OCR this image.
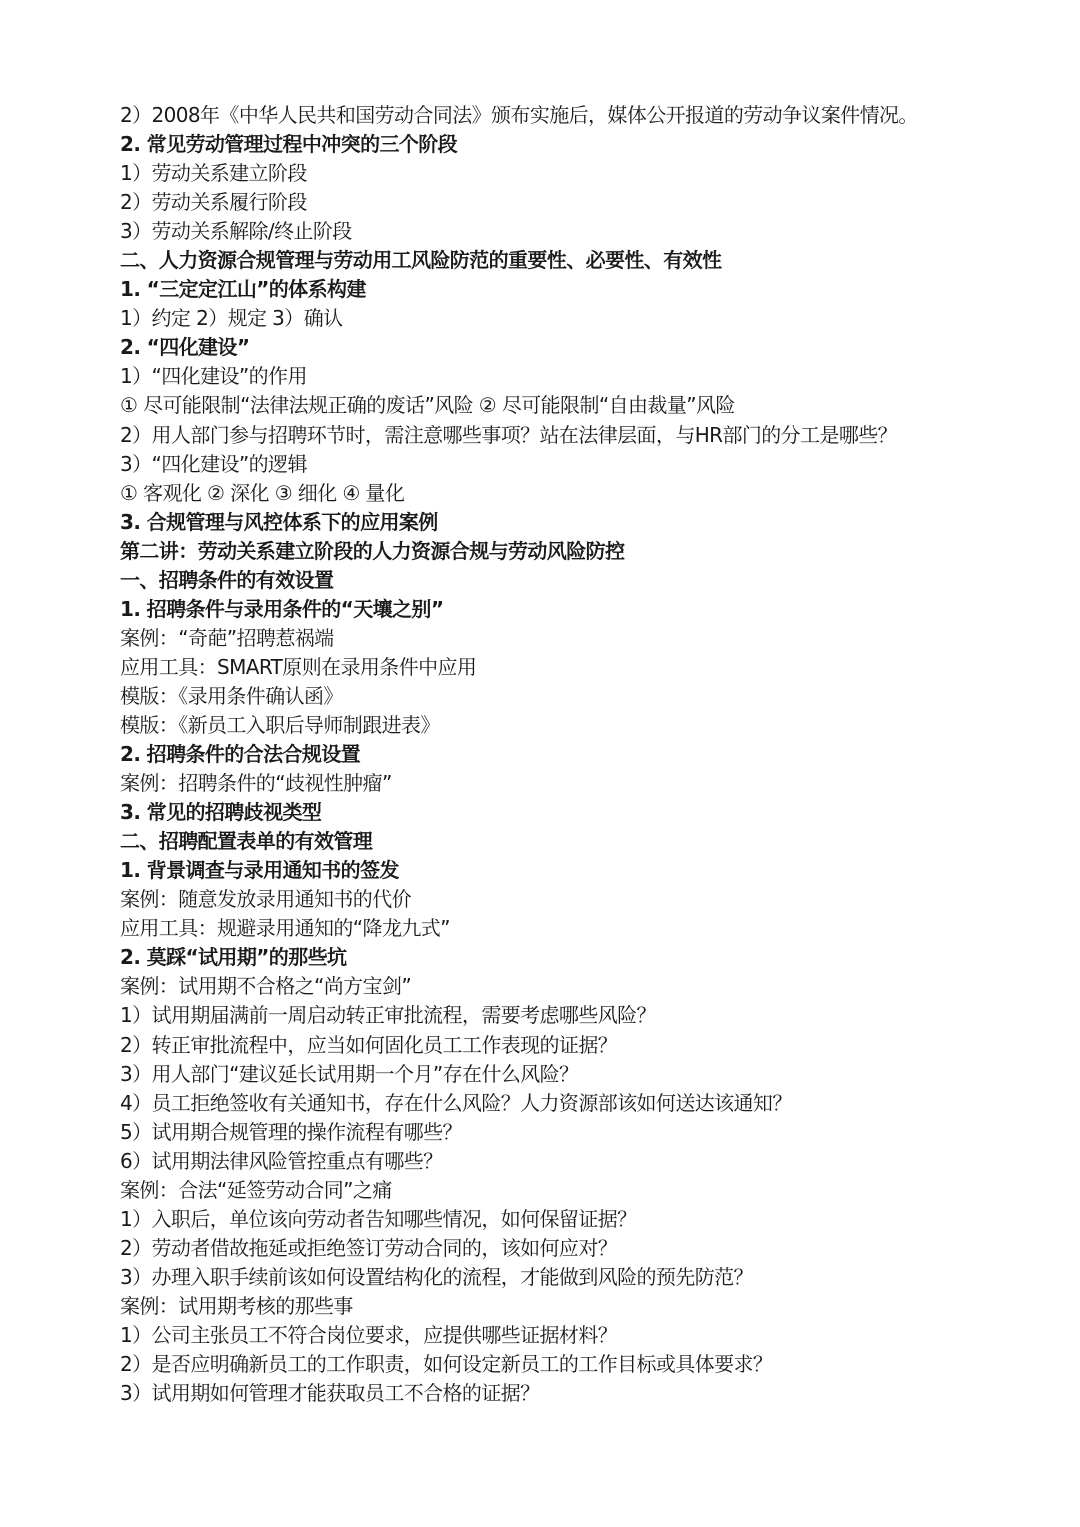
2）2008年《中华人民共和国劳动合同法》颁布实施后，媒体公开报道的劳动争议案件情况。
2. 常见劳动管理过程中冲突的三个阶段
1）劳动关系建立阶段
2）劳动关系履行阶段
3）劳动关系解除/终止阶段
二、人力资源合规管理与劳动用工风险防范的重要性、必要性、有效性
1. “三定定江山”的体系构建
1）约定 2）规定 3）确认
2. “四化建设”
1）“四化建设”的作用
① 尽可能限制“法律法规正确的废话”风险 ② 尽可能限制“自由裁量”风险
2）用人部门参与招聘环节时，需注意哪些事项？站在法律层面，与HR部门的分工是哪些？
3）“四化建设”的逻辑
① 客观化 ② 深化 ③ 细化 ④ 量化
3. 合规管理与风控体系下的应用案例
第二讲：劳动关系建立阶段的人力资源合规与劳动风险防控
一、招聘条件的有效设置
1. 招聘条件与录用条件的“天壤之别”
案例：“奇葩”招聘惹祸端
应用工具：SMART原则在录用条件中应用
模版：《录用条件确认函》
模版：《新员工入职后导师制跟进表》
2. 招聘条件的合法合规设置
案例：招聘条件的“歧视性肿瘤”
3. 常见的招聘歧视类型
二、招聘配置表单的有效管理
1. 背景调查与录用通知书的签发
案例：随意发放录用通知书的代价
应用工具：规避录用通知的“降龙九式”
2. 莫踩“试用期”的那些坑
案例：试用期不合格之“尚方宝剑”
1）试用期届满前一周启动转正审批流程，需要考虑哪些风险？
2）转正审批流程中，应当如何固化员工工作表现的证据？
3）用人部门“建议延长试用期一个月”存在什么风险？
4）员工拒绝签收有关通知书，存在什么风险？人力资源部该如何送达该通知？
5）试用期合规管理的操作流程有哪些？
6）试用期法律风险管控重点有哪些？
案例：合法“延签劳动合同”之痛
1）入职后，单位该向劳动者告知哪些情况，如何保留证据？
2）劳动者借故拖延或拒绝签订劳动合同的，该如何应对？
3）办理入职手续前该如何设置结构化的流程，才能做到风险的预先防范？
案例：试用期考核的那些事
1）公司主张员工不符合岗位要求，应提供哪些证据材料？
2）是否应明确新员工的工作职责，如何设定新员工的工作目标或具体要求？
3）试用期如何管理才能获取员工不合格的证据？
